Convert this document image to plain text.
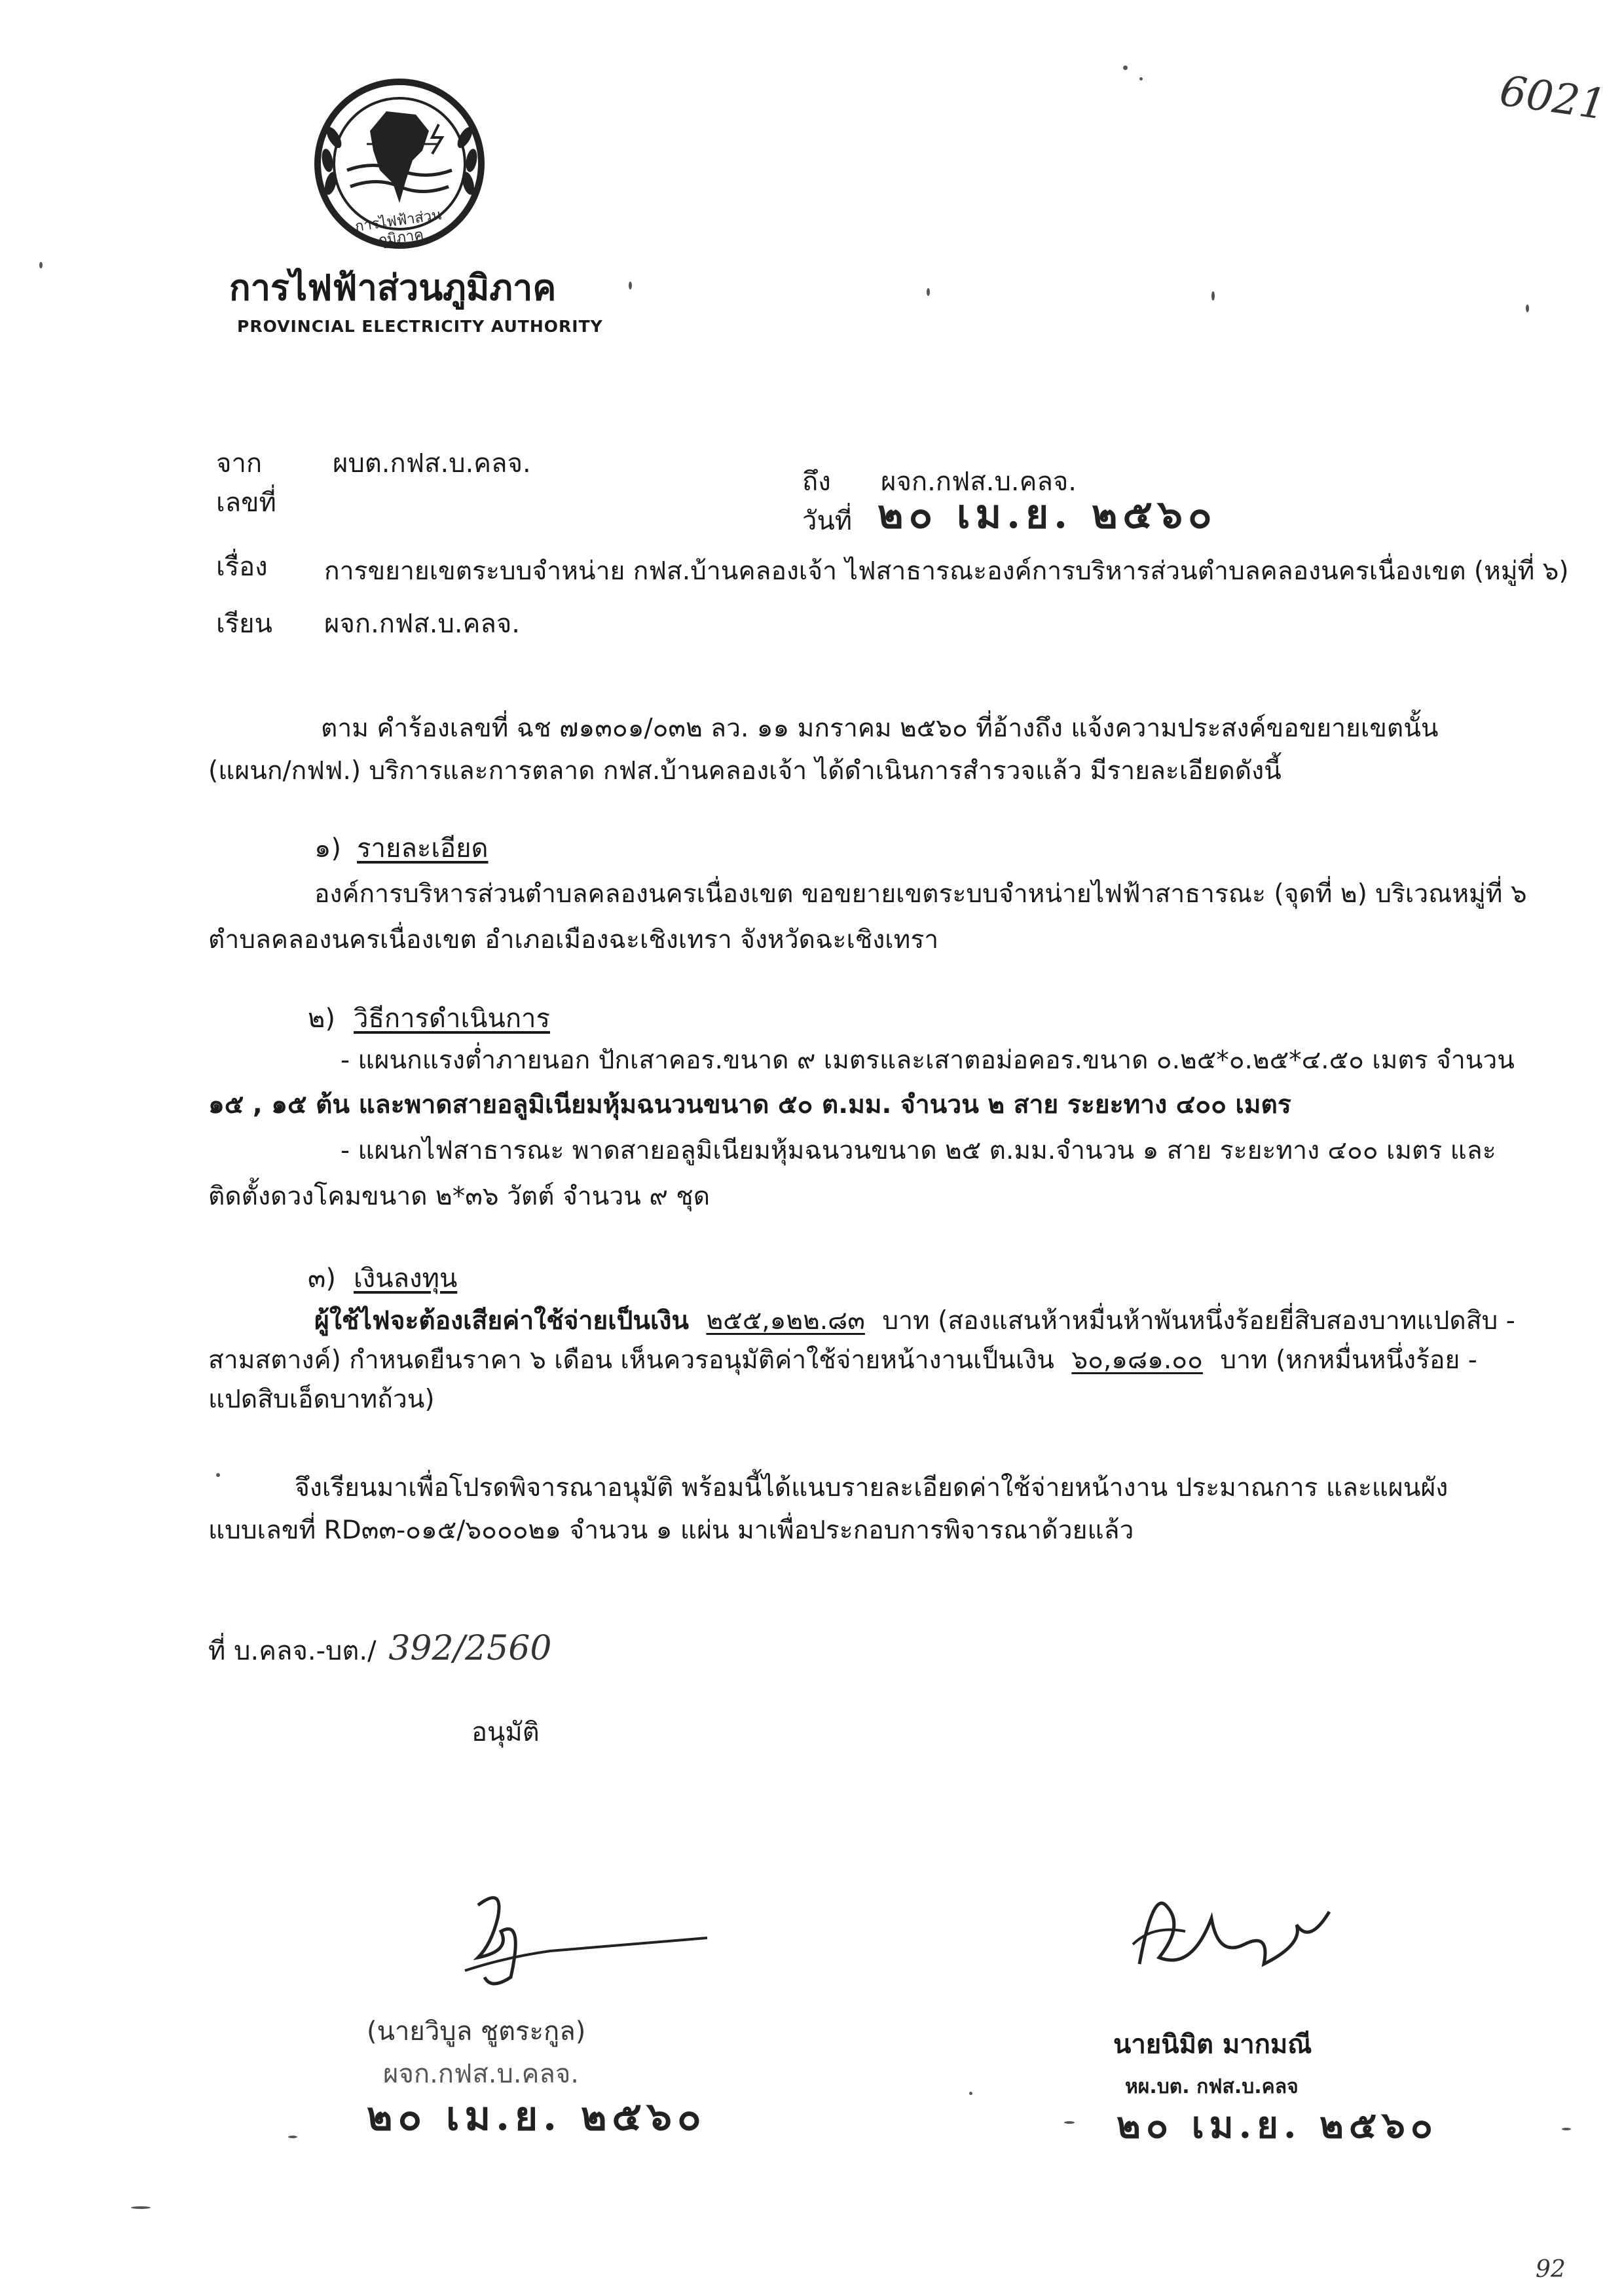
การไฟฟ้าส่วนภูมิภาค
การไฟฟ้าส่วนภูมิภาค
PROVINCIAL ELECTRICITY AUTHORITY
6021
จาก	ผบต.กฟส.บ.คลจ.
ถึง ผจก.กฟส.บ.คลจ.
เลขที่
วันที่ ๒๐ เม.ย. ๒๕๖๐
เรื่อง การขยายเขตระบบจำหน่าย กฟส.บ้านคลองเจ้า ไฟสาธารณะองค์การบริหารส่วนตำบลคลองนครเนื่องเขต (หมู่ที่ ๖)
เรียน ผจก.กฟส.บ.คลจ.
ตาม คำร้องเลขที่ ฉช ๗๑๓๐๑/๐๓๒ ลว. ๑๑ มกราคม ๒๕๖๐ ที่อ้างถึง แจ้งความประสงค์ขอขยายเขตนั้น
(แผนก/กฟฟ.) บริการและการตลาด กฟส.บ้านคลองเจ้า ได้ดำเนินการสำรวจแล้ว มีรายละเอียดดังนี้
๑) รายละเอียด
องค์การบริหารส่วนตำบลคลองนครเนื่องเขต ขอขยายเขตระบบจำหน่ายไฟฟ้าสาธารณะ (จุดที่ ๒) บริเวณหมู่ที่ ๖
ตำบลคลองนครเนื่องเขต อำเภอเมืองฉะเชิงเทรา จังหวัดฉะเชิงเทรา
๒) วิธีการดำเนินการ
- แผนกแรงต่ำภายนอก ปักเสาคอร.ขนาด ๙ เมตรและเสาตอม่อคอร.ขนาด ๐.๒๕*๐.๒๕*๔.๕๐ เมตร จำนวน
๑๕ , ๑๕ ต้น และพาดสายอลูมิเนียมหุ้มฉนวนขนาด ๕๐ ต.มม. จำนวน ๒ สาย ระยะทาง ๔๐๐ เมตร
- แผนกไฟสาธารณะ พาดสายอลูมิเนียมหุ้มฉนวนขนาด ๒๕ ต.มม.จำนวน ๑ สาย ระยะทาง ๔๐๐ เมตร และ
ติดตั้งดวงโคมขนาด ๒*๓๖ วัตต์ จำนวน ๙ ชุด
๓) เงินลงทุน
ผู้ใช้ไฟจะต้องเสียค่าใช้จ่ายเป็นเงิน ๒๕๕,๑๒๒.๘๓ บาท (สองแสนห้าหมื่นห้าพันหนึ่งร้อยยี่สิบสองบาทแปดสิบ -
สามสตางค์) กำหนดยืนราคา ๖ เดือน เห็นควรอนุมัติค่าใช้จ่ายหน้างานเป็นเงิน ๖๐,๑๘๑.๐๐ บาท (หกหมื่นหนึ่งร้อย -
แปดสิบเอ็ดบาทถ้วน)
จึงเรียนมาเพื่อโปรดพิจารณาอนุมัติ พร้อมนี้ได้แนบรายละเอียดค่าใช้จ่ายหน้างาน ประมาณการ และแผนผัง
แบบเลขที่ RD๓๓-๐๑๕/๖๐๐๐๒๑ จำนวน ๑ แผ่น มาเพื่อประกอบการพิจารณาด้วยแล้ว
ที่ บ.คลจ.-บต./ 392/2560
อนุมัติ
(นายวิบูล ชูตระกูล)
ผจก.กฟส.บ.คลจ.
๒๐ เม.ย. ๒๕๖๐
นายนิมิต มากมณี
หผ.บต. กฟส.บ.คลจ
๒๐ เม.ย. ๒๕๖๐
92
